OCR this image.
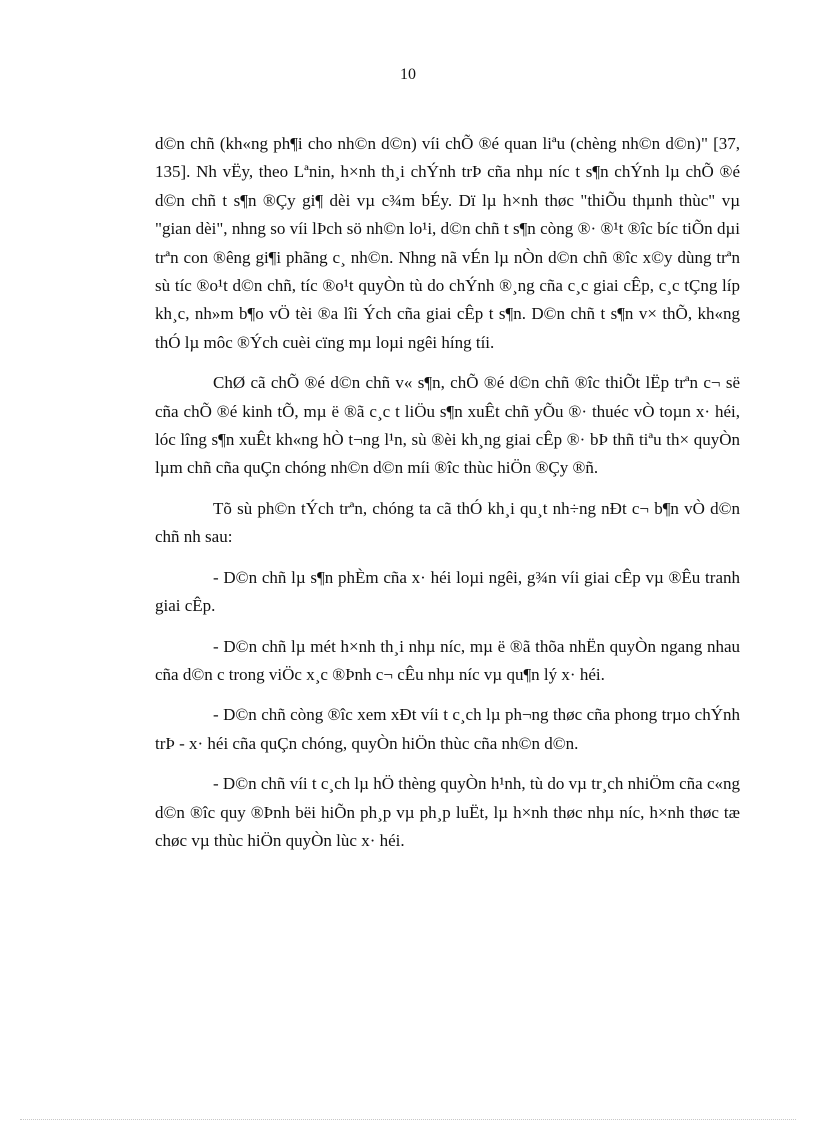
10

d©n chñ (kh«ng ph¶i cho nh©n d©n) víi chÕ ®é quan liªu (chèng nh©n d©n)" [37, 135]. Nh vËy, theo Lªnin, h×nh th¸i chÝnh trÞ cña nhµ níc t s¶n chÝnh lµ chÕ ®é d©n chñ t s¶n ®Çy gi¶ dèi vµ c¾m bÉy. Dï lµ h×nh thøc "thiÕu thµnh thùc" vµ "gian dèi", nhng so víi lÞch sö nh©n lo¹i, d©n chñ t s¶n còng ®· ®¹t ®îc bíc tiÕn dµi trªn con ®êng gi¶i phãng c¸ nh©n. Nhng nã vÉn lµ nÒn d©n chñ ®îc x©y dùng trªn sù tíc ®o¹t d©n chñ, tíc ®o¹t quyÒn tù do chÝnh ®¸ng cña c¸c giai cÊp, c¸c tÇng líp kh¸c, nh»m b¶o vÖ tèi ®a lîi Ých cña giai cÊp t s¶n. D©n chñ t s¶n v× thÕ, kh«ng thÓ lµ môc ®Ých cuèi cïng mµ loµi ngêi híng tíi.

ChØ cã chÕ ®é d©n chñ v« s¶n, chÕ ®é d©n chñ ®îc thiÕt lËp trªn c¬ së cña chÕ ®é kinh tÕ, mµ ë ®ã c¸c t liÖu s¶n xuÊt chñ yÕu ®· thuéc vÒ toµn x· héi, lóc lîng s¶n xuÊt kh«ng hÒ t¬ng l¹n, sù ®èi kh¸ng giai cÊp ®· bÞ thñ tiªu th× quyÒn lµm chñ cña quÇn chóng nh©n d©n míi ®îc thùc hiÖn ®Çy ®ñ.

Tõ sù ph©n tÝch trªn, chóng ta cã thÓ kh¸i qu¸t nh÷ng nÐt c¬ b¶n vÒ d©n chñ nh sau:

- D©n chñ lµ s¶n phÈm cña x· héi loµi ngêi, g¾n víi giai cÊp vµ ®Êu tranh giai cÊp.

- D©n chñ lµ mét h×nh th¸i nhµ níc, mµ ë ®ã thõa nhËn quyÒn ngang nhau cña d©n c trong viÖc x¸c ®Þnh c¬ cÊu nhµ níc vµ qu¶n lý x· héi.

- D©n chñ còng ®îc xem xÐt víi t c¸ch lµ ph¬ng thøc cña phong trµo chÝnh trÞ - x· héi cña quÇn chóng, quyÒn hiÖn thùc cña nh©n d©n.

- D©n chñ víi t c¸ch lµ hÖ thèng quyÒn h¹nh, tù do vµ tr¸ch nhiÖm cña c«ng d©n ®îc quy ®Þnh bëi hiÕn ph¸p vµ ph¸p luËt, lµ h×nh thøc nhµ níc, h×nh thøc tæ chøc vµ thùc hiÖn quyÒn lùc x· héi.
